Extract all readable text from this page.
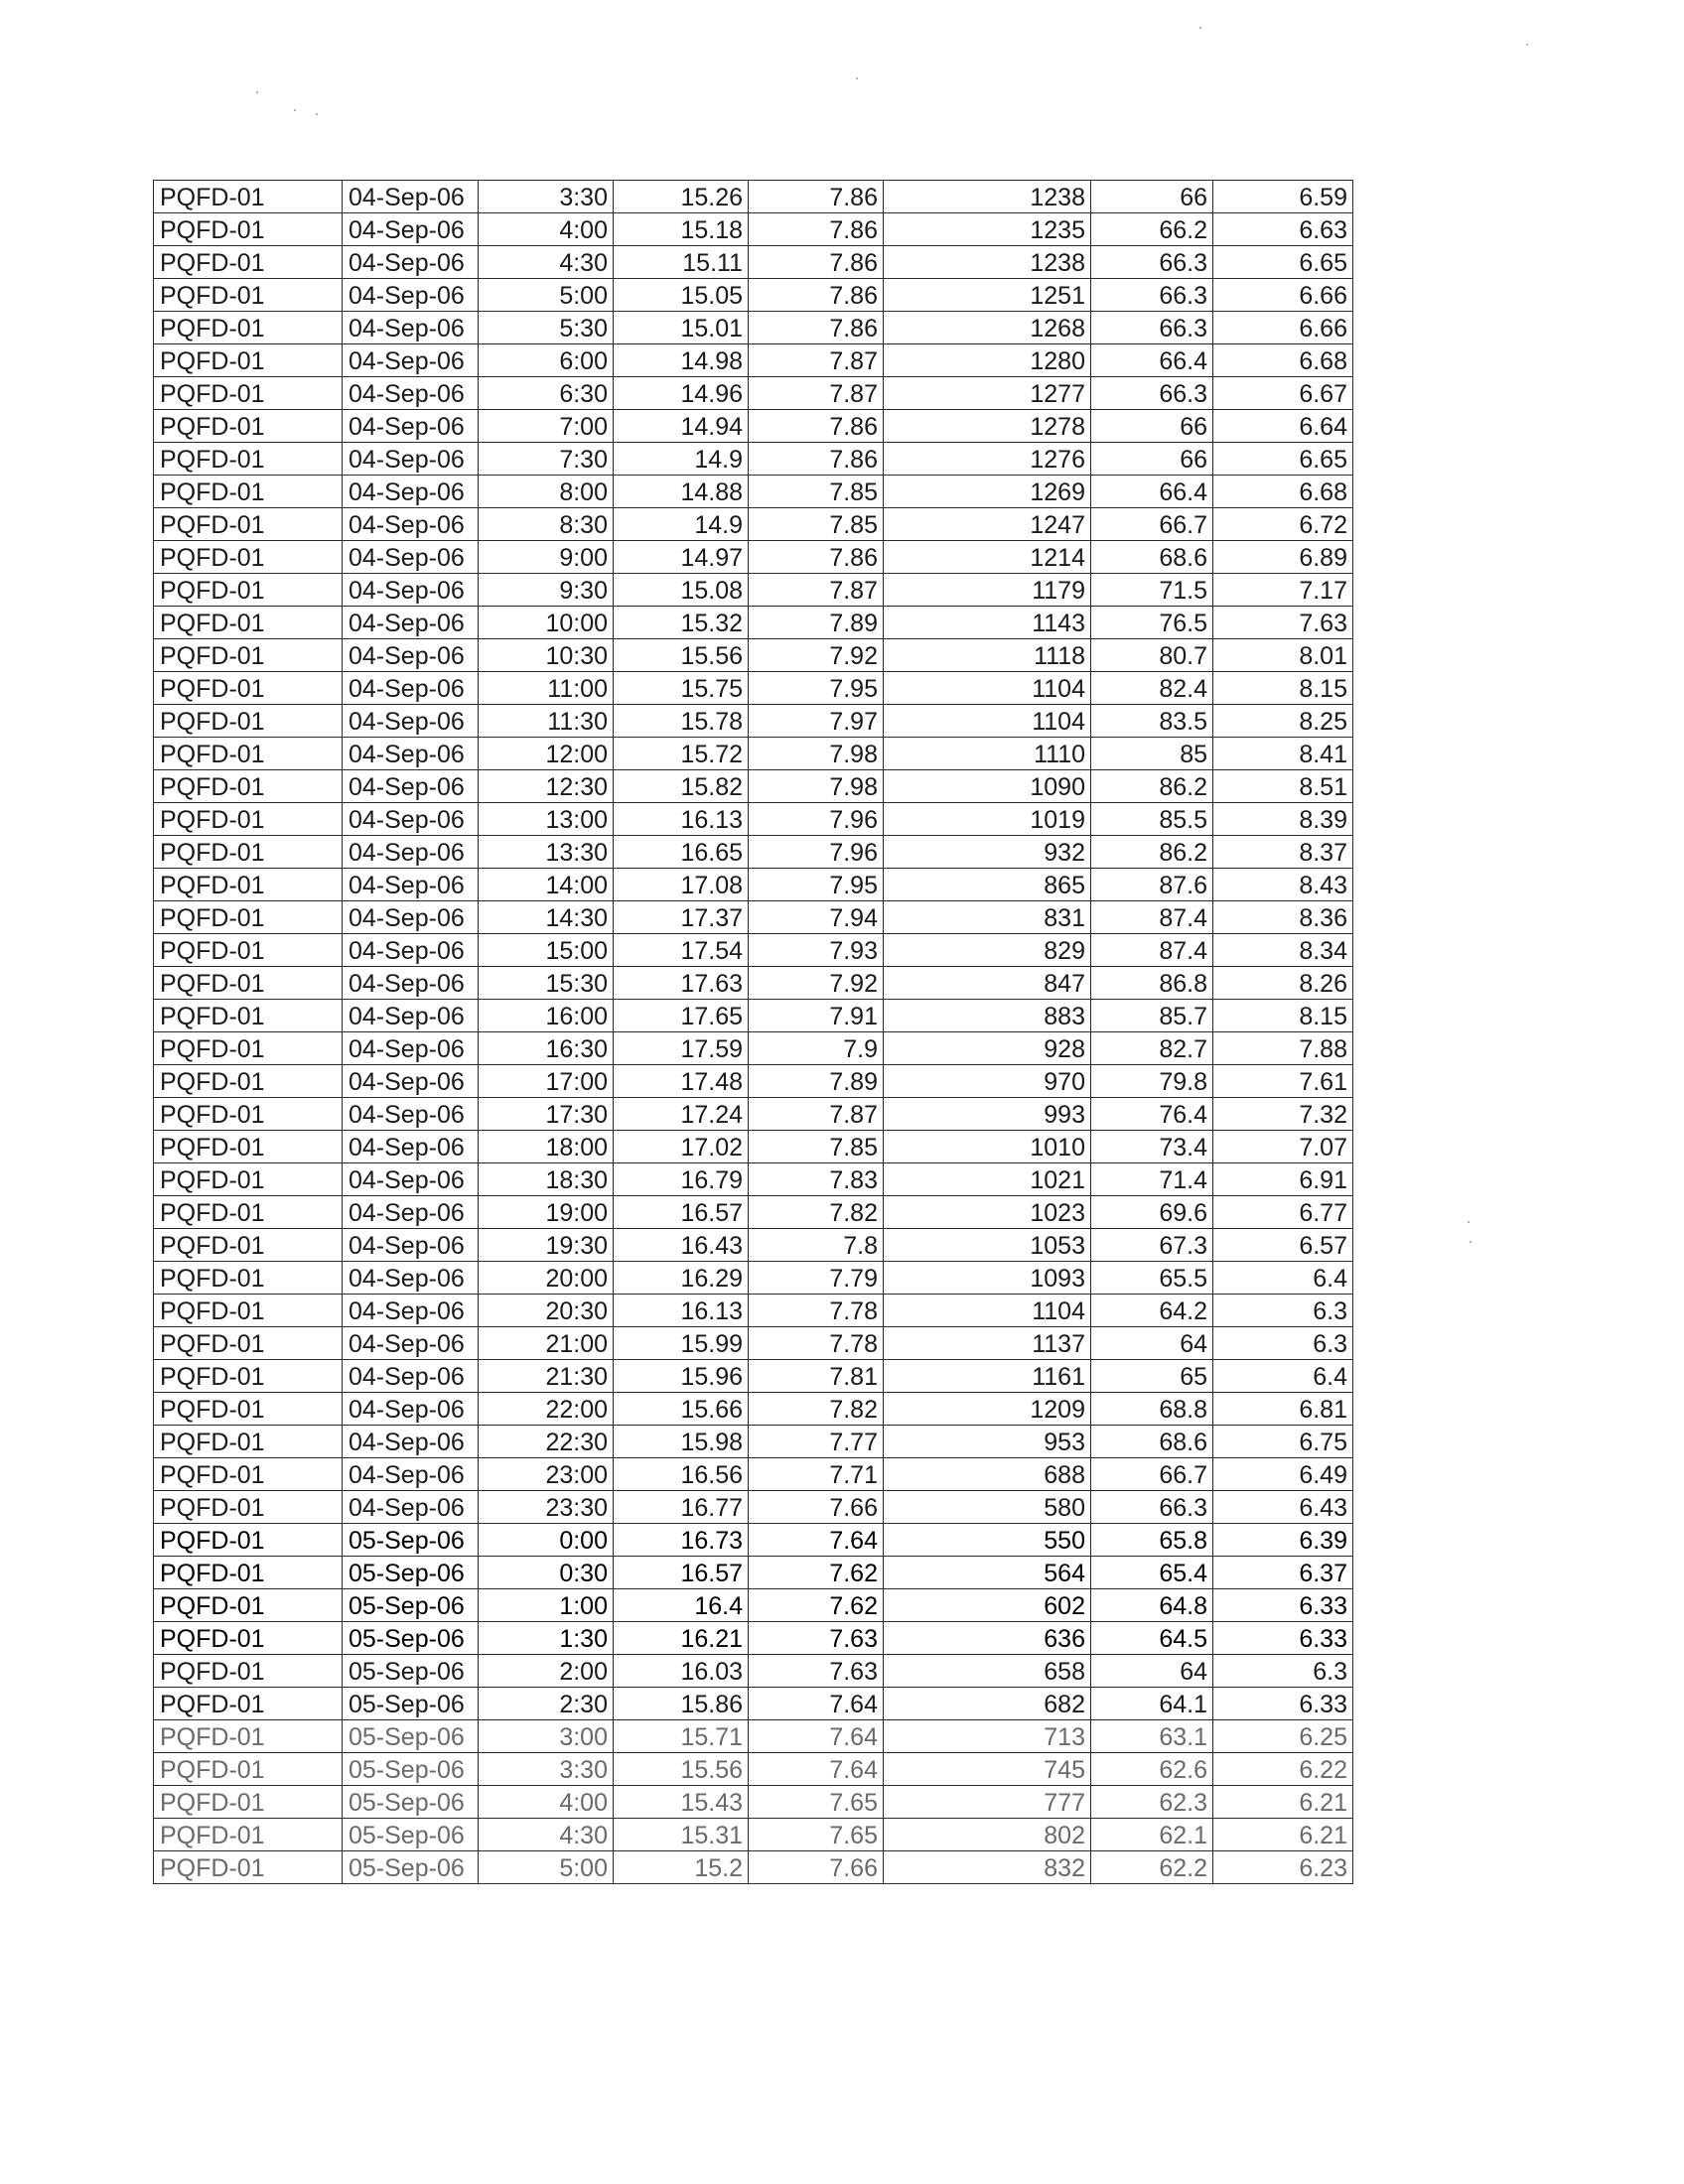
PQFD-01	04-Sep-06	3:30	15.26	7.86	1238	66	6.59
PQFD-01	04-Sep-06	4:00	15.18	7.86	1235	66.2	6.63
PQFD-01	04-Sep-06	4:30	15.11	7.86	1238	66.3	6.65
PQFD-01	04-Sep-06	5:00	15.05	7.86	1251	66.3	6.66
PQFD-01	04-Sep-06	5:30	15.01	7.86	1268	66.3	6.66
PQFD-01	04-Sep-06	6:00	14.98	7.87	1280	66.4	6.68
PQFD-01	04-Sep-06	6:30	14.96	7.87	1277	66.3	6.67
PQFD-01	04-Sep-06	7:00	14.94	7.86	1278	66	6.64
PQFD-01	04-Sep-06	7:30	14.9	7.86	1276	66	6.65
PQFD-01	04-Sep-06	8:00	14.88	7.85	1269	66.4	6.68
PQFD-01	04-Sep-06	8:30	14.9	7.85	1247	66.7	6.72
PQFD-01	04-Sep-06	9:00	14.97	7.86	1214	68.6	6.89
PQFD-01	04-Sep-06	9:30	15.08	7.87	1179	71.5	7.17
PQFD-01	04-Sep-06	10:00	15.32	7.89	1143	76.5	7.63
PQFD-01	04-Sep-06	10:30	15.56	7.92	1118	80.7	8.01
PQFD-01	04-Sep-06	11:00	15.75	7.95	1104	82.4	8.15
PQFD-01	04-Sep-06	11:30	15.78	7.97	1104	83.5	8.25
PQFD-01	04-Sep-06	12:00	15.72	7.98	1110	85	8.41
PQFD-01	04-Sep-06	12:30	15.82	7.98	1090	86.2	8.51
PQFD-01	04-Sep-06	13:00	16.13	7.96	1019	85.5	8.39
PQFD-01	04-Sep-06	13:30	16.65	7.96	932	86.2	8.37
PQFD-01	04-Sep-06	14:00	17.08	7.95	865	87.6	8.43
PQFD-01	04-Sep-06	14:30	17.37	7.94	831	87.4	8.36
PQFD-01	04-Sep-06	15:00	17.54	7.93	829	87.4	8.34
PQFD-01	04-Sep-06	15:30	17.63	7.92	847	86.8	8.26
PQFD-01	04-Sep-06	16:00	17.65	7.91	883	85.7	8.15
PQFD-01	04-Sep-06	16:30	17.59	7.9	928	82.7	7.88
PQFD-01	04-Sep-06	17:00	17.48	7.89	970	79.8	7.61
PQFD-01	04-Sep-06	17:30	17.24	7.87	993	76.4	7.32
PQFD-01	04-Sep-06	18:00	17.02	7.85	1010	73.4	7.07
PQFD-01	04-Sep-06	18:30	16.79	7.83	1021	71.4	6.91
PQFD-01	04-Sep-06	19:00	16.57	7.82	1023	69.6	6.77
PQFD-01	04-Sep-06	19:30	16.43	7.8	1053	67.3	6.57
PQFD-01	04-Sep-06	20:00	16.29	7.79	1093	65.5	6.4
PQFD-01	04-Sep-06	20:30	16.13	7.78	1104	64.2	6.3
PQFD-01	04-Sep-06	21:00	15.99	7.78	1137	64	6.3
PQFD-01	04-Sep-06	21:30	15.96	7.81	1161	65	6.4
PQFD-01	04-Sep-06	22:00	15.66	7.82	1209	68.8	6.81
PQFD-01	04-Sep-06	22:30	15.98	7.77	953	68.6	6.75
PQFD-01	04-Sep-06	23:00	16.56	7.71	688	66.7	6.49
PQFD-01	04-Sep-06	23:30	16.77	7.66	580	66.3	6.43
PQFD-01	05-Sep-06	0:00	16.73	7.64	550	65.8	6.39
PQFD-01	05-Sep-06	0:30	16.57	7.62	564	65.4	6.37
PQFD-01	05-Sep-06	1:00	16.4	7.62	602	64.8	6.33
PQFD-01	05-Sep-06	1:30	16.21	7.63	636	64.5	6.33
PQFD-01	05-Sep-06	2:00	16.03	7.63	658	64	6.3
PQFD-01	05-Sep-06	2:30	15.86	7.64	682	64.1	6.33
PQFD-01	05-Sep-06	3:00	15.71	7.64	713	63.1	6.25
PQFD-01	05-Sep-06	3:30	15.56	7.64	745	62.6	6.22
PQFD-01	05-Sep-06	4:00	15.43	7.65	777	62.3	6.21
PQFD-01	05-Sep-06	4:30	15.31	7.65	802	62.1	6.21
PQFD-01	05-Sep-06	5:00	15.2	7.66	832	62.2	6.23
